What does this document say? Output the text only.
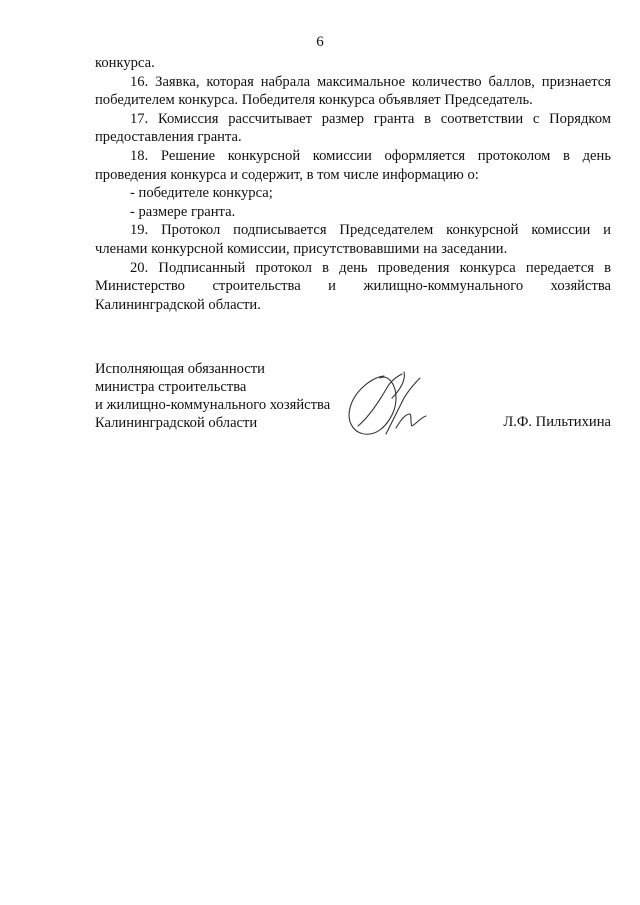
6

конкурса.

16. Заявка, которая набрала максимальное количество баллов, признается победителем конкурса. Победителя конкурса объявляет Председатель.

17. Комиссия рассчитывает размер гранта в соответствии с Порядком предоставления гранта.

18. Решение конкурсной комиссии оформляется протоколом в день проведения конкурса и содержит, в том числе информацию о:

- победителе конкурса;

- размере гранта.

19. Протокол подписывается Председателем конкурсной комиссии и членами конкурсной комиссии, присутствовавшими на заседании.

20. Подписанный протокол в день проведения конкурса передается в

Министерство строительства и жилищно-коммунального хозяйства

Калининградской области.

Исполняющая обязанности
министра строительства
и жилищно-коммунального хозяйства
Калининградской области	Л.Ф. Пильтихина
